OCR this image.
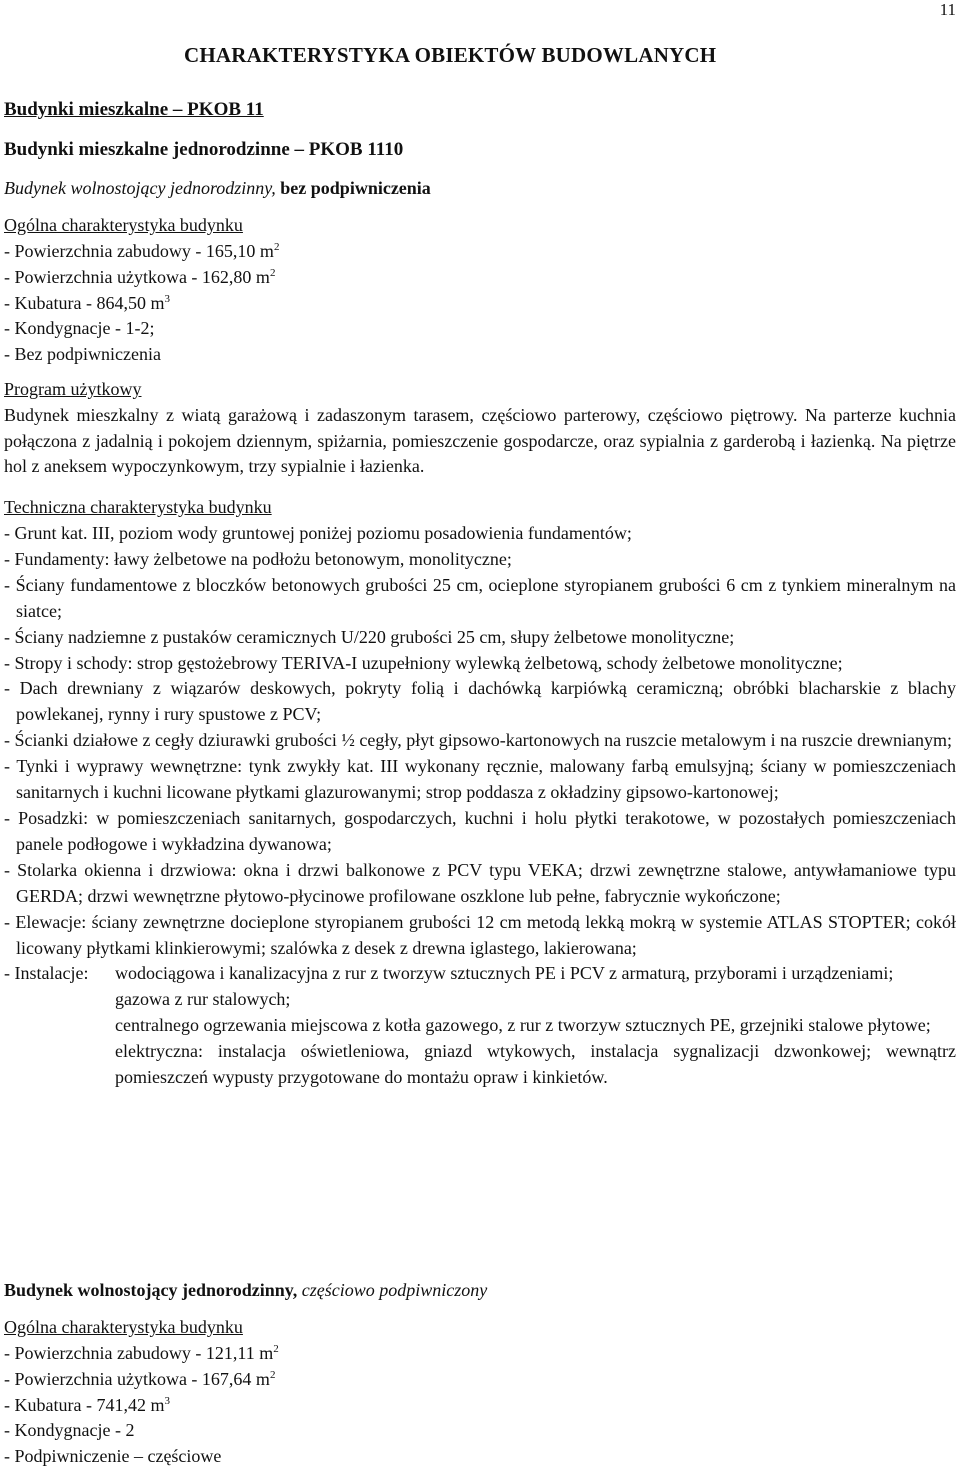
11
CHARAKTERYSTYKA OBIEKTÓW BUDOWLANYCH
Budynki mieszkalne – PKOB 11
Budynki mieszkalne jednorodzinne – PKOB 1110
Budynek wolnostojący jednorodzinny, bez podpiwniczenia
Ogólna charakterystyka budynku
- Powierzchnia zabudowy - 165,10 $m^2$
- Powierzchnia użytkowa - 162,80 $m^2$
- Kubatura - 864,50 $m^3$
- Kondygnacje - 1-2;
- Bez podpiwniczenia
Program użytkowy
Budynek mieszkalny z wiatą garażową i zadaszonym tarasem, częściowo parterowy, częściowo piętrowy. Na parterze kuchnia połączona z jadalnią i pokojem dziennym, spiżarnia, pomieszczenie gospodarcze, oraz sypialnia z garderobą i łazienką. Na piętrze hol z aneksem wypoczynkowym, trzy sypialnie i łazienka.
Techniczna charakterystyka budynku

- Grunt kat. III, poziom wody gruntowej poniżej poziomu posadowienia fundamentów;

- Fundamenty: ławy żelbetowe na podłożu betonowym, monolityczne;

- Ściany fundamentowe z bloczków betonowych grubości 25 cm, ocieplone styropianem grubości 6 cm z tynkiem mineralnym na siatce;

- Ściany nadziemne z pustaków ceramicznych U/220 grubości 25 cm, słupy żelbetowe monolityczne;

- Stropy i schody: strop gęstożebrowy TERIVA-I uzupełniony wylewką żelbetową, schody żelbetowe monolityczne;

- Dach drewniany z wiązarów deskowych, pokryty folią i dachówką karpiówką ceramiczną; obróbki blacharskie z blachy powlekanej, rynny i rury spustowe z PCV;

- Ścianki działowe z cegły dziurawki grubości ½ cegły, płyt gipsowo-kartonowych na ruszcie metalowym i na ruszcie drewnianym;

- Tynki i wyprawy wewnętrzne: tynk zwykły kat. III wykonany ręcznie, malowany farbą emulsyjną; ściany w pomieszczeniach sanitarnych i kuchni licowane płytkami glazurowanymi; strop poddasza z okładziny gipsowo-kartonowej;

- Posadzki: w pomieszczeniach sanitarnych, gospodarczych, kuchni i holu płytki terakotowe, w pozostałych pomieszczeniach panele podłogowe i wykładzina dywanowa;

- Stolarka okienna i drzwiowa: okna i drzwi balkonowe z PCV typu VEKA; drzwi zewnętrzne stalowe, antywłamaniowe typu GERDA; drzwi wewnętrzne płytowo-płycinowe profilowane oszklone lub pełne, fabrycznie wykończone;

- Elewacje: ściany zewnętrzne docieplone styropianem grubości 12 cm metodą lekką mokrą w systemie ATLAS STOPTER; cokół licowany płytkami klinkierowymi; szalówka z desek z drewna iglastego, lakierowana;

- Instalacje: wodociągowa i kanalizacyjna z rur z tworzyw sztucznych PE i PCV z armaturą, przyborami i urządzeniami;
gazowa z rur stalowych;
centralnego ogrzewania miejscowa z kotła gazowego, z rur z tworzyw sztucznych PE, grzejniki stalowe płytowe;
elektryczna: instalacja oświetleniowa, gniazd wtykowych, instalacja sygnalizacji dzwonkowej; wewnątrz pomieszczeń wypusty przygotowane do montażu opraw i kinkietów.
Budynek wolnostojący jednorodzinny, częściowo podpiwniczony
Ogólna charakterystyka budynku
- Powierzchnia zabudowy - 121,11 $m^2$
- Powierzchnia użytkowa - 167,64 $m^2$
- Kubatura - 741,42 $m^3$
- Kondygnacje - 2
- Podpiwniczenie – częściowe
